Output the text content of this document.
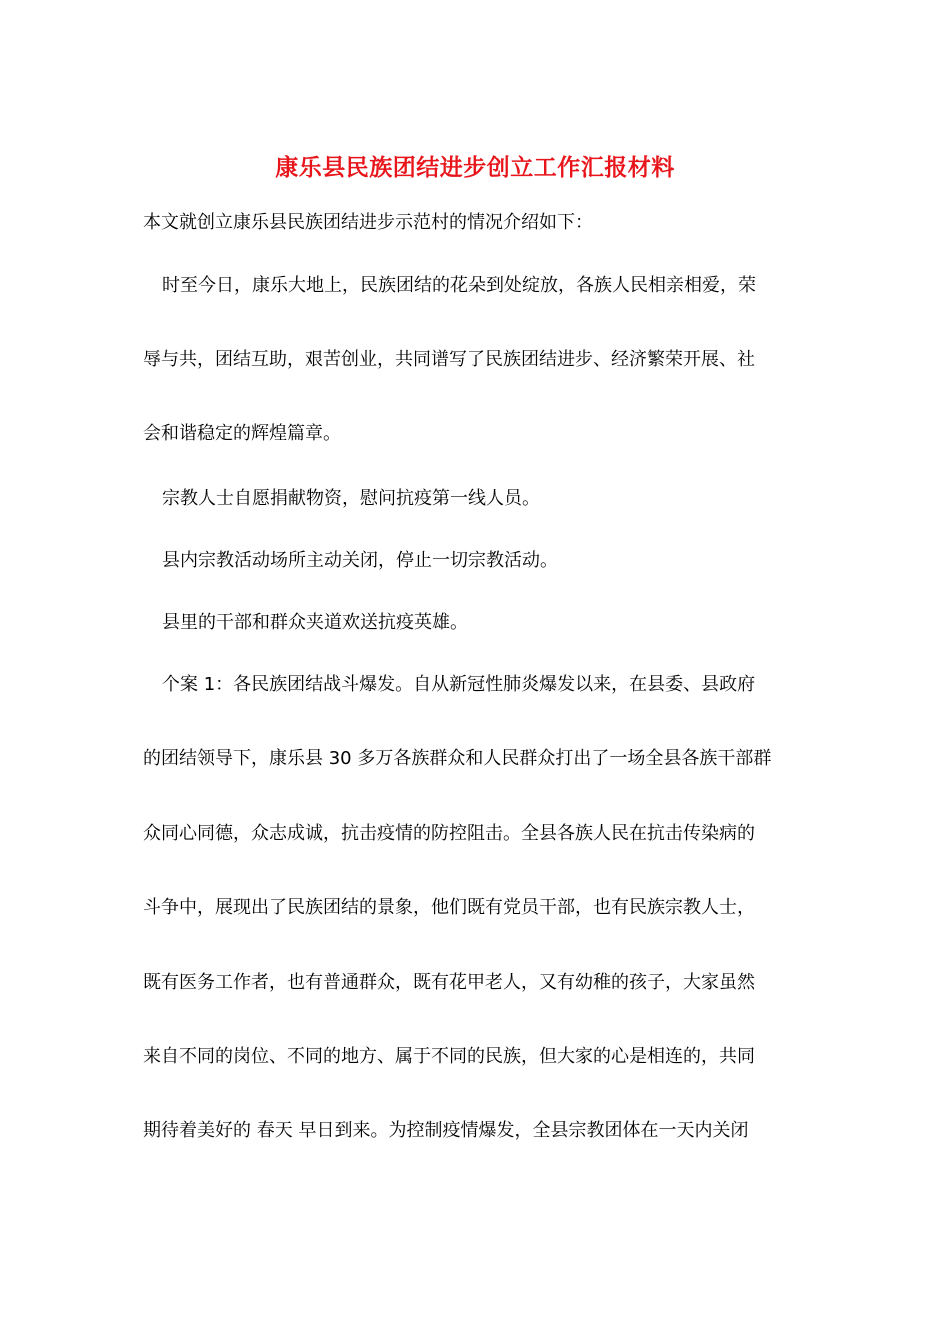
康乐县民族团结进步创立工作汇报材料
本文就创立康乐县民族团结进步示范村的情况介绍如下：
时至今日，康乐大地上，民族团结的花朵到处绽放，各族人民相亲相爱，荣
辱与共，团结互助，艰苦创业，共同谱写了民族团结进步、经济繁荣开展、社
会和谐稳定的辉煌篇章。
宗教人士自愿捐献物资，慰问抗疫第一线人员。
县内宗教活动场所主动关闭，停止一切宗教活动。
县里的干部和群众夹道欢送抗疫英雄。
个案 1：各民族团结战斗爆发。自从新冠性肺炎爆发以来，在县委、县政府
的团结领导下，康乐县 30 多万各族群众和人民群众打出了一场全县各族干部群
众同心同德，众志成诚，抗击疫情的防控阻击。全县各族人民在抗击传染病的
斗争中，展现出了民族团结的景象，他们既有党员干部，也有民族宗教人士，
既有医务工作者，也有普通群众，既有花甲老人，又有幼稚的孩子，大家虽然
来自不同的岗位、不同的地方、属于不同的民族，但大家的心是相连的，共同
期待着美好的 春天 早日到来。为控制疫情爆发，全县宗教团体在一天内关闭
